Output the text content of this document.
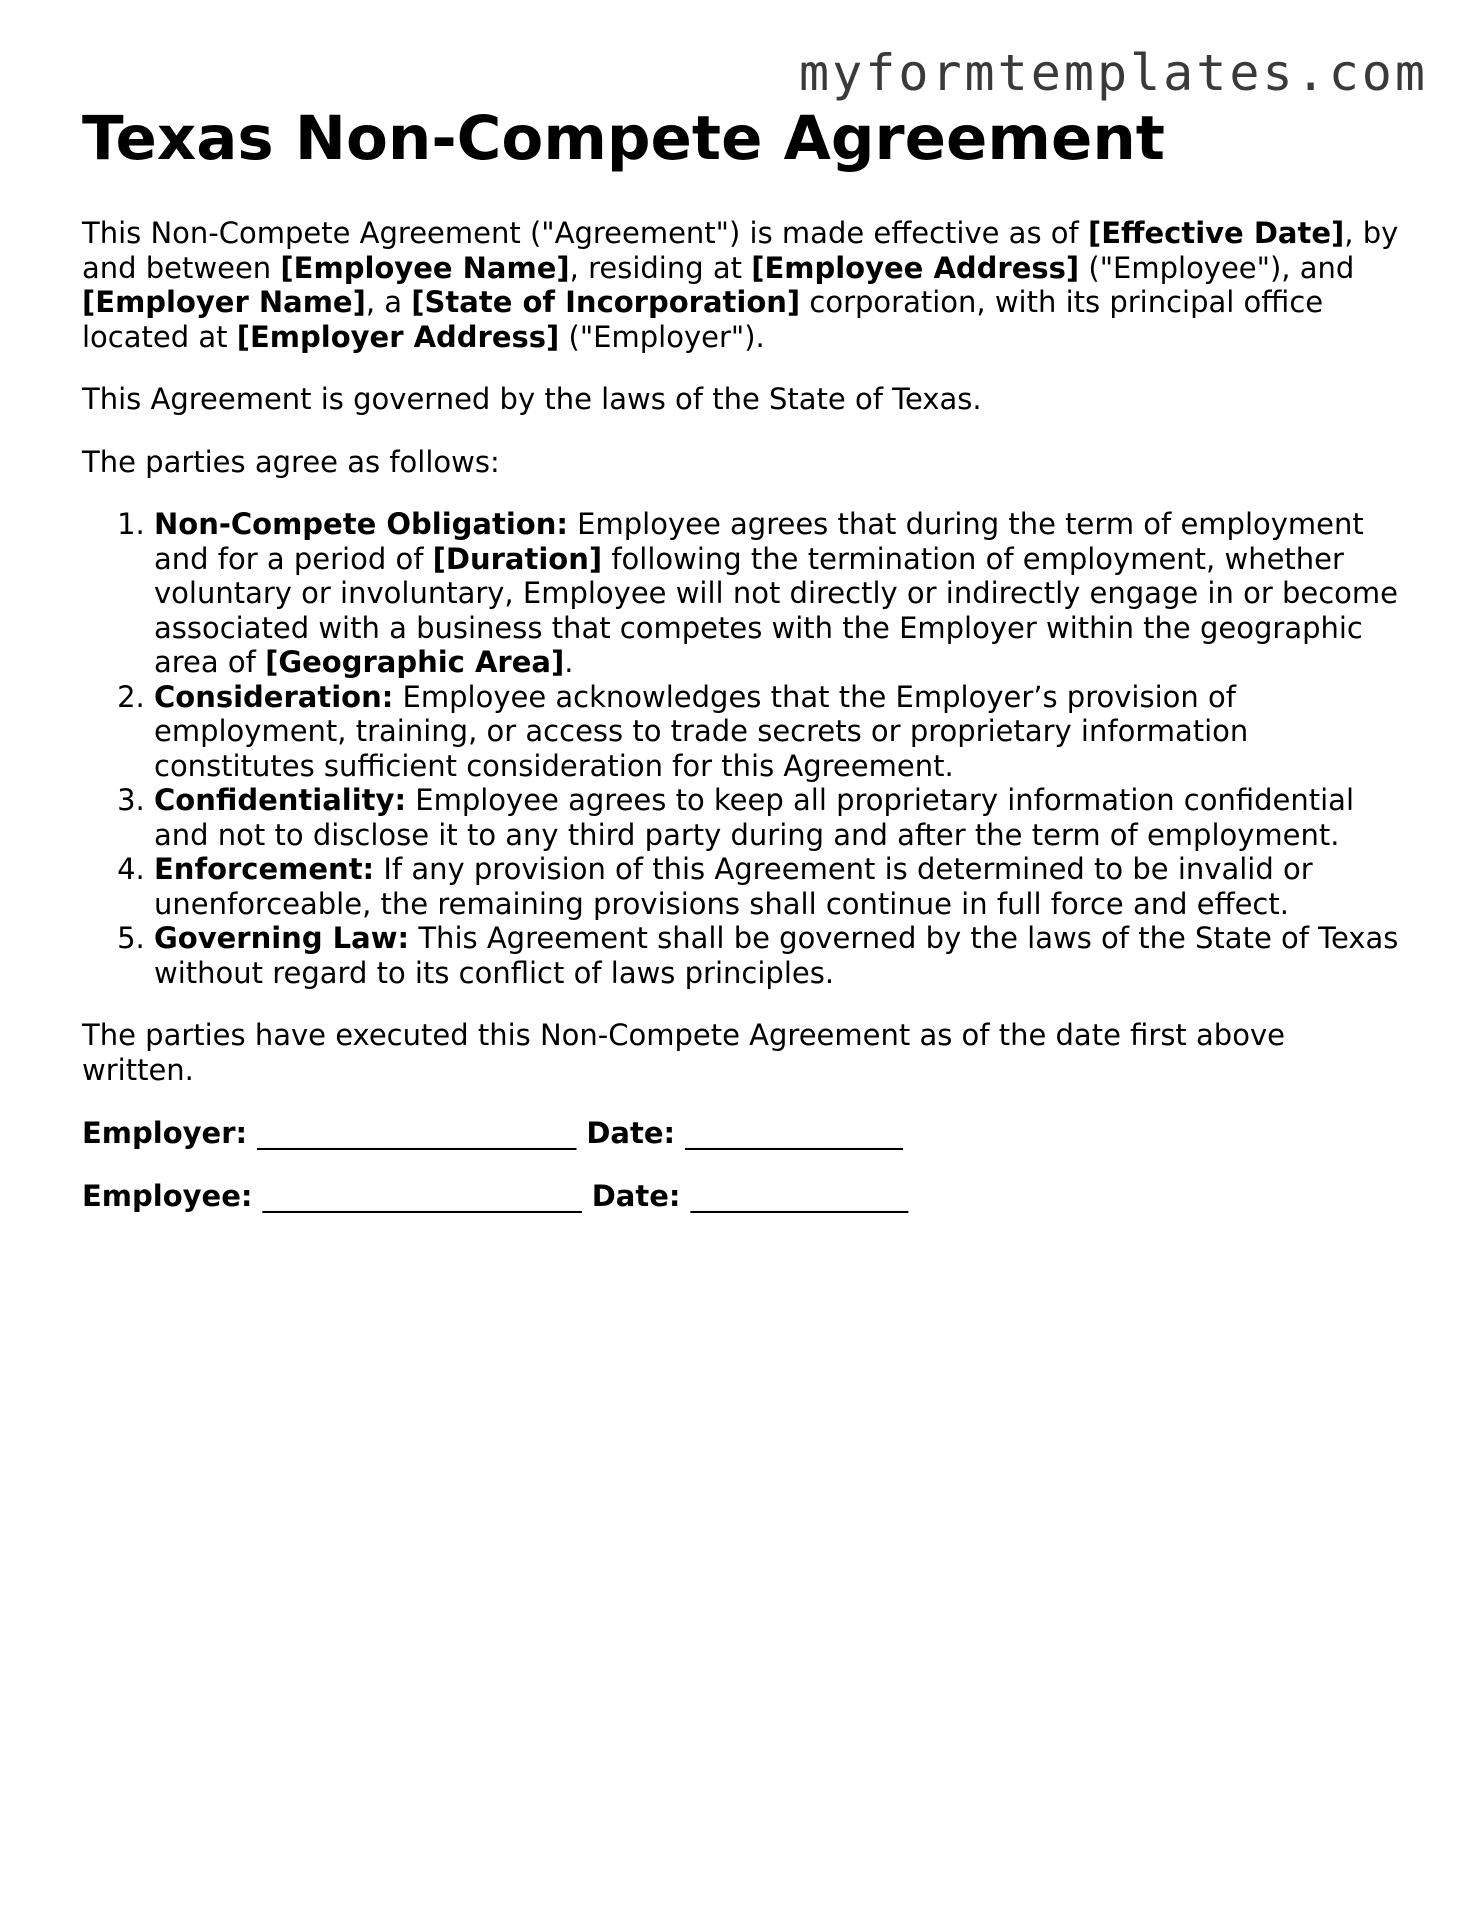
myformtemplates.com
Texas Non-Compete Agreement

This Non-Compete Agreement ("Agreement") is made effective as of [Effective Date], by and between [Employee Name], residing at [Employee Address] ("Employee"), and [Employer Name], a [State of Incorporation] corporation, with its principal office located at [Employer Address] ("Employer").

This Agreement is governed by the laws of the State of Texas.

The parties agree as follows:

1. Non-Compete Obligation: Employee agrees that during the term of employment and for a period of [Duration] following the termination of employment, whether voluntary or involuntary, Employee will not directly or indirectly engage in or become associated with a business that competes with the Employer within the geographic area of [Geographic Area].
2. Consideration: Employee acknowledges that the Employer’s provision of employment, training, or access to trade secrets or proprietary information constitutes sufficient consideration for this Agreement.
3. Confidentiality: Employee agrees to keep all proprietary information confidential and not to disclose it to any third party during and after the term of employment.
4. Enforcement: If any provision of this Agreement is determined to be invalid or unenforceable, the remaining provisions shall continue in full force and effect.
5. Governing Law: This Agreement shall be governed by the laws of the State of Texas without regard to its conflict of laws principles.

The parties have executed this Non-Compete Agreement as of the date first above written.

Employer: ______________________ Date: _______________
Employee: ______________________ Date: _______________
